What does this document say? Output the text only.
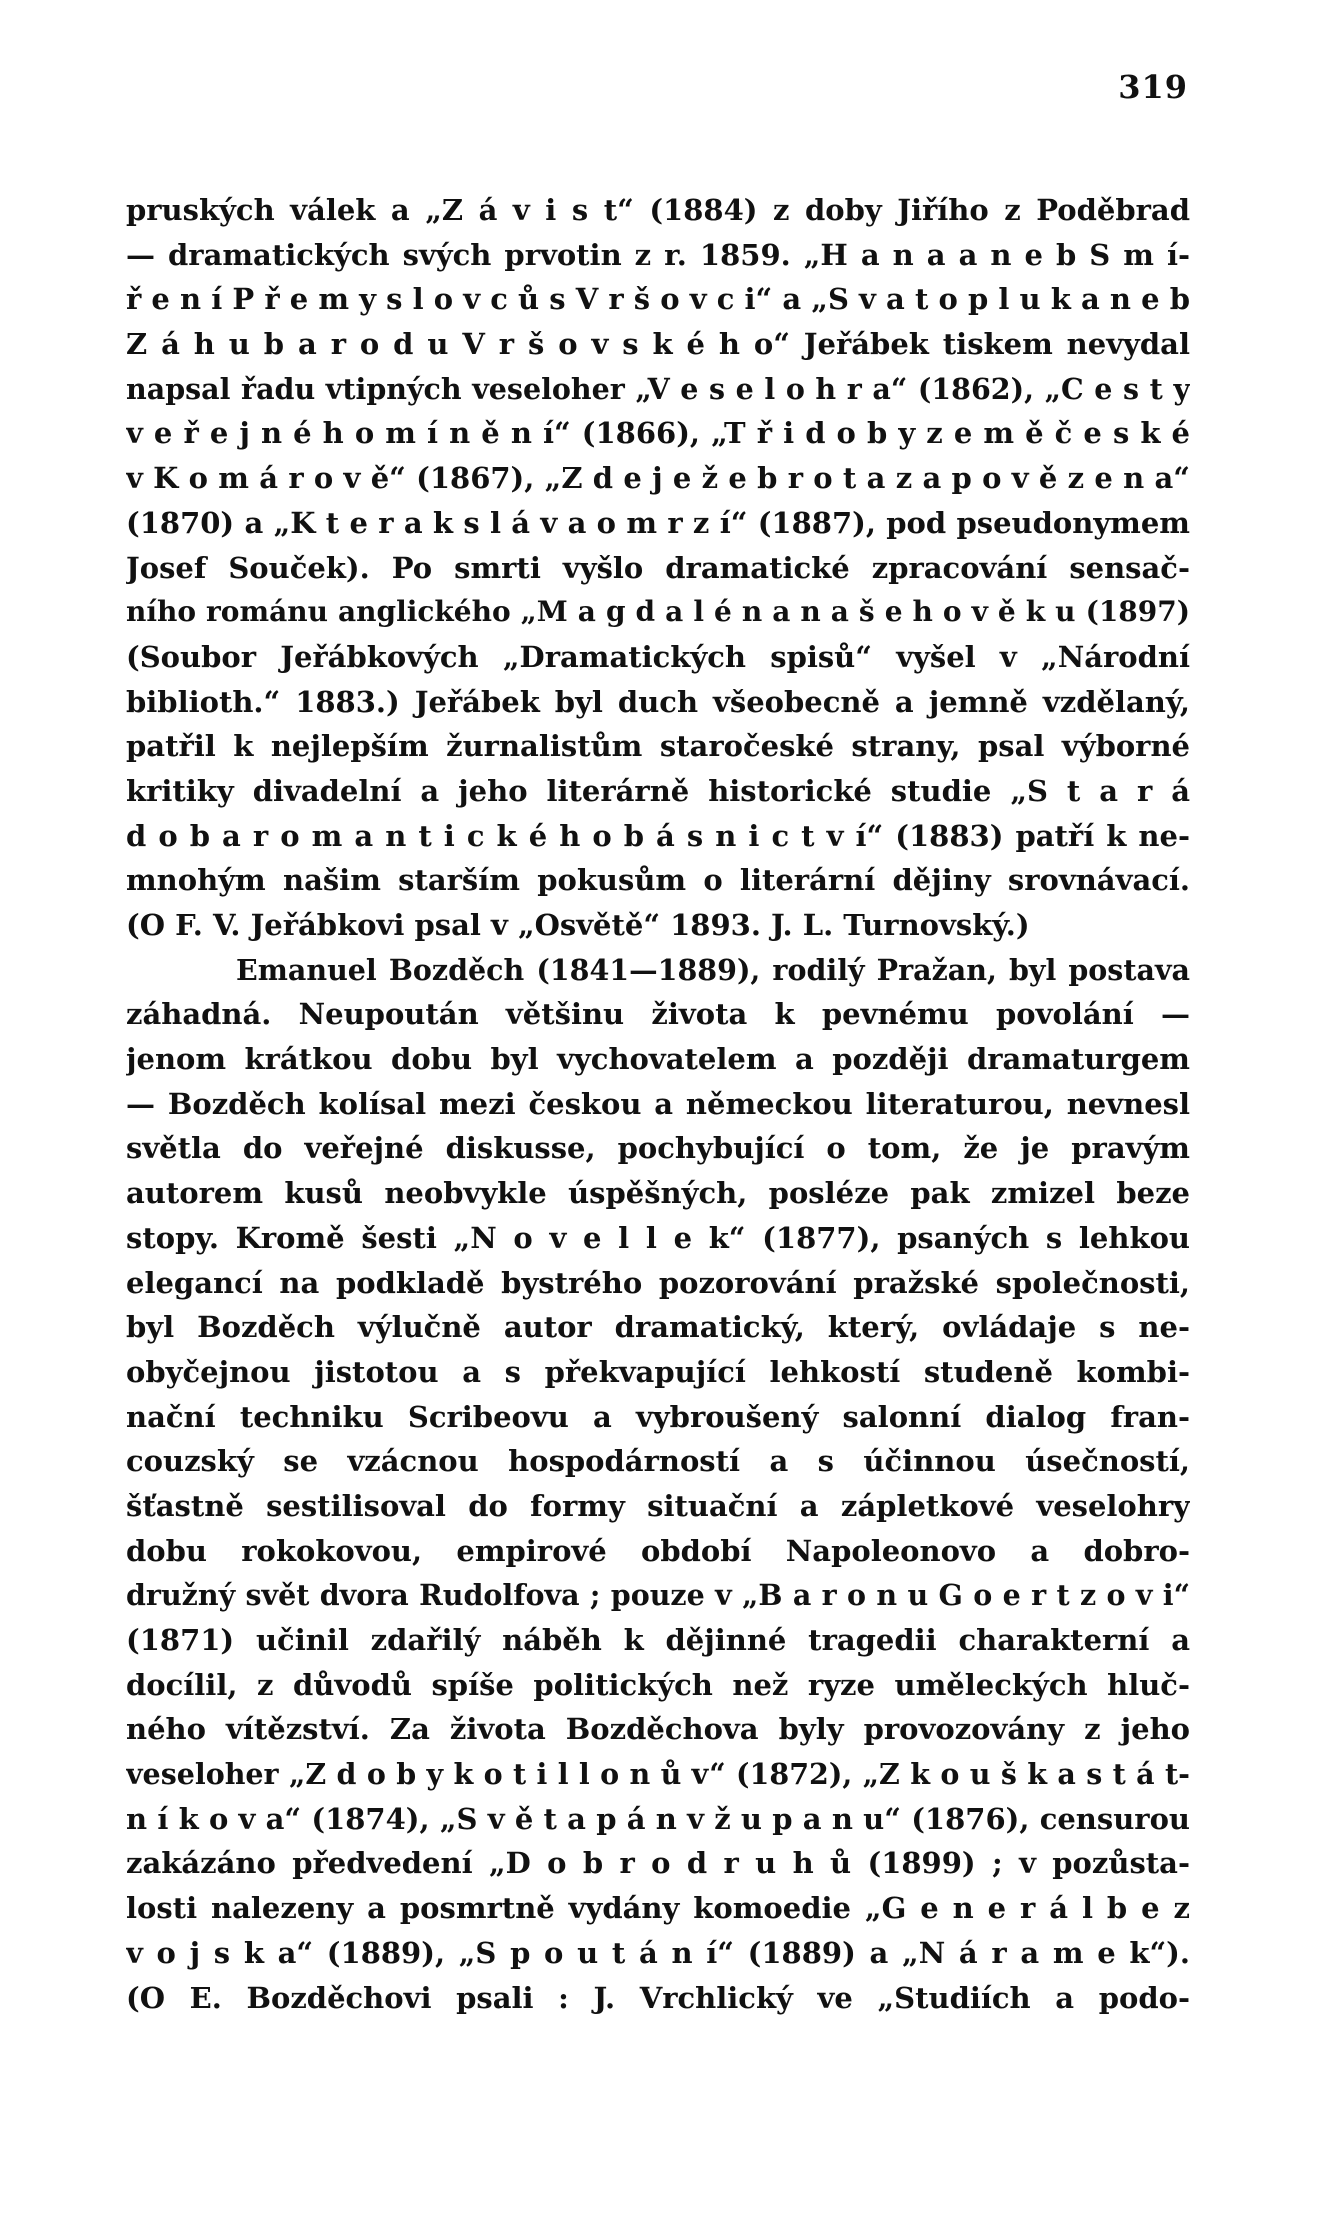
319
pruských válek a „Z á v i s t“ (1884) z doby Jiřího z Poděbrad
— dramatických svých prvotin z r. 1859. „H a n a a n e b S m í-
ř e n í P ř e m y s l o v c ů s V r š o v c i“ a „S v a t o p l u k a n e b
Z á h u b a r o d u V r š o v s k é h o“ Jeřábek tiskem nevydal
napsal řadu vtipných veseloher „V e s e l o h r a“ (1862), „C e s t y
v e ř e j n é h o m í n ě n í“ (1866), „T ř i d o b y z e m ě č e s k é
v K o m á r o v ě“ (1867), „Z d e j e ž e b r o t a z a p o v ě z e n a“
(1870) a „K t e r a k s l á v a o m r z í“ (1887), pod pseudonymem
Josef Souček). Po smrti vyšlo dramatické zpracování sensač-
ního románu anglického „M a g d a l é n a n a š e h o v ě k u (1897)
(Soubor Jeřábkových „Dramatických spisů“ vyšel v „Národní
biblioth.“ 1883.) Jeřábek byl duch všeobecně a jemně vzdělaný,
patřil k nejlepším žurnalistům staročeské strany, psal výborné
kritiky divadelní a jeho literárně historické studie „S t a r á
d o b a r o m a n t i c k é h o b á s n i c t v í“ (1883) patří k ne-
mnohým našim starším pokusům o literární dějiny srovnávací.
(O F. V. Jeřábkovi psal v „Osvětě“ 1893. J. L. Turnovský.)
Emanuel Bozděch (1841—1889), rodilý Pražan, byl postava
záhadná. Neupoután většinu života k pevnému povolání —
jenom krátkou dobu byl vychovatelem a později dramaturgem
— Bozděch kolísal mezi českou a německou literaturou, nevnesl
světla do veřejné diskusse, pochybující o tom, že je pravým
autorem kusů neobvykle úspěšných, posléze pak zmizel beze
stopy. Kromě šesti „N o v e l l e k“ (1877), psaných s lehkou
elegancí na podkladě bystrého pozorování pražské společnosti,
byl Bozděch výlučně autor dramatický, který, ovládaje s ne-
obyčejnou jistotou a s překvapující lehkostí studeně kombi-
nační techniku Scribeovu a vybroušený salonní dialog fran-
couzský se vzácnou hospodárností a s účinnou úsečností,
šťastně sestilisoval do formy situační a zápletkové veselohry
dobu rokokovou, empirové období Napoleonovo a dobro-
družný svět dvora Rudolfova ; pouze v „B a r o n u G o e r t z o v i“
(1871) učinil zdařilý náběh k dějinné tragedii charakterní a
docílil, z důvodů spíše politických než ryze uměleckých hluč-
ného vítězství. Za života Bozděchova byly provozovány z jeho
veseloher „Z d o b y k o t i l l o n ů v“ (1872), „Z k o u š k a s t á t-
n í k o v a“ (1874), „S v ě t a p á n v ž u p a n u“ (1876), censurou
zakázáno předvedení „D o b r o d r u h ů (1899) ; v pozůsta-
losti nalezeny a posmrtně vydány komoedie „G e n e r á l b e z
v o j s k a“ (1889), „S p o u t á n í“ (1889) a „N á r a m e k“).
(O E. Bozděchovi psali : J. Vrchlický ve „Studiích a podo-
